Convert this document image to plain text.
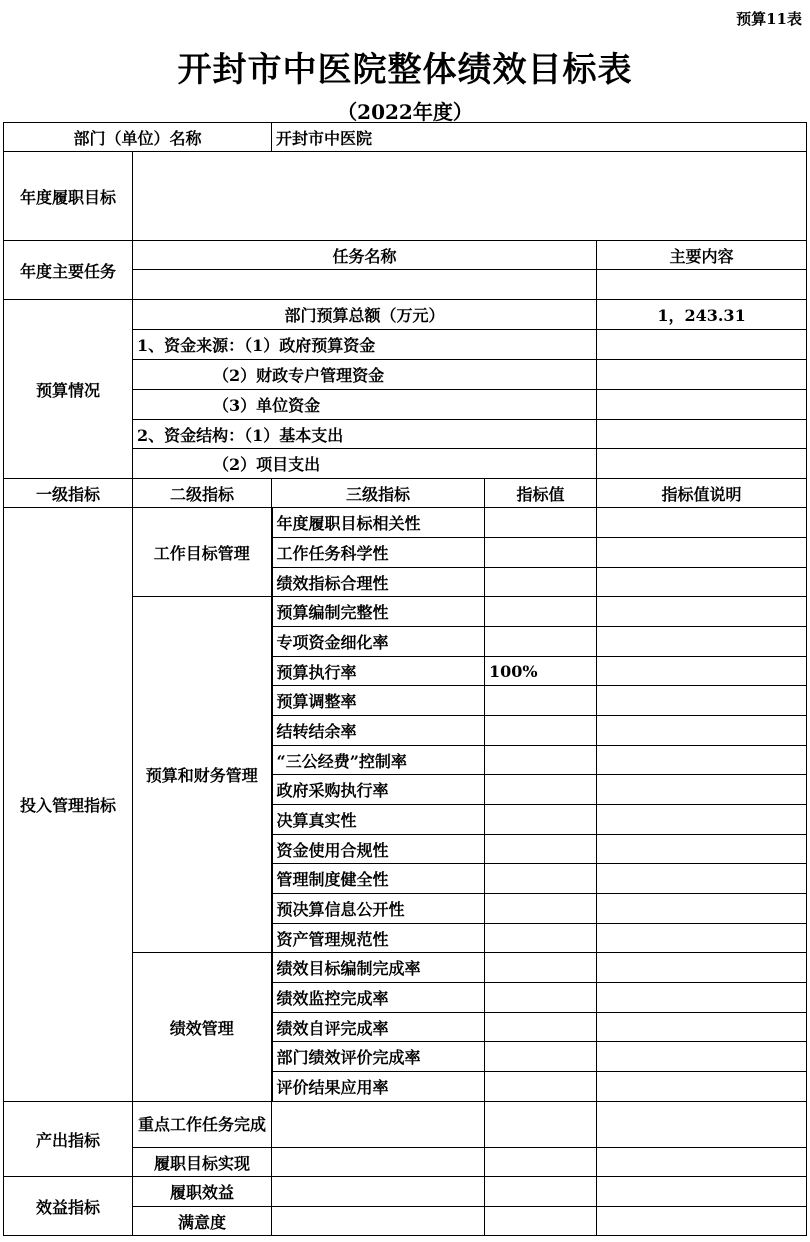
预算11表
开封市中医院整体绩效目标表
（2022年度）
部门（单位）名称		开封市中医院		
年度履职目标				
年度主要任务	任务名称			主要内容

预算情况	部门预算总额（万元）			1，243.31
	1、资金来源：（1）政府预算资金			
	（2）财政专户管理资金			
	（3）单位资金			
	2、资金结构：（1）基本支出			
	（2）项目支出			
一级指标	二级指标	三级指标	指标值	指标值说明
投入管理指标	工作目标管理	年度履职目标相关性		
		工作任务科学性		
		绩效指标合理性		
	预算和财务管理	预算编制完整性		
		专项资金细化率		
		预算执行率	100%	
		预算调整率		
		结转结余率		
		“三公经费”控制率		
		政府采购执行率		
		决算真实性		
		资金使用合规性		
		管理制度健全性		
		预决算信息公开性		
		资产管理规范性		
	绩效管理	绩效目标编制完成率		
		绩效监控完成率		
		绩效自评完成率		
		部门绩效评价完成率		
		评价结果应用率		
产出指标	重点工作任务完成			
	履职目标实现			
效益指标	履职效益			
	满意度			
